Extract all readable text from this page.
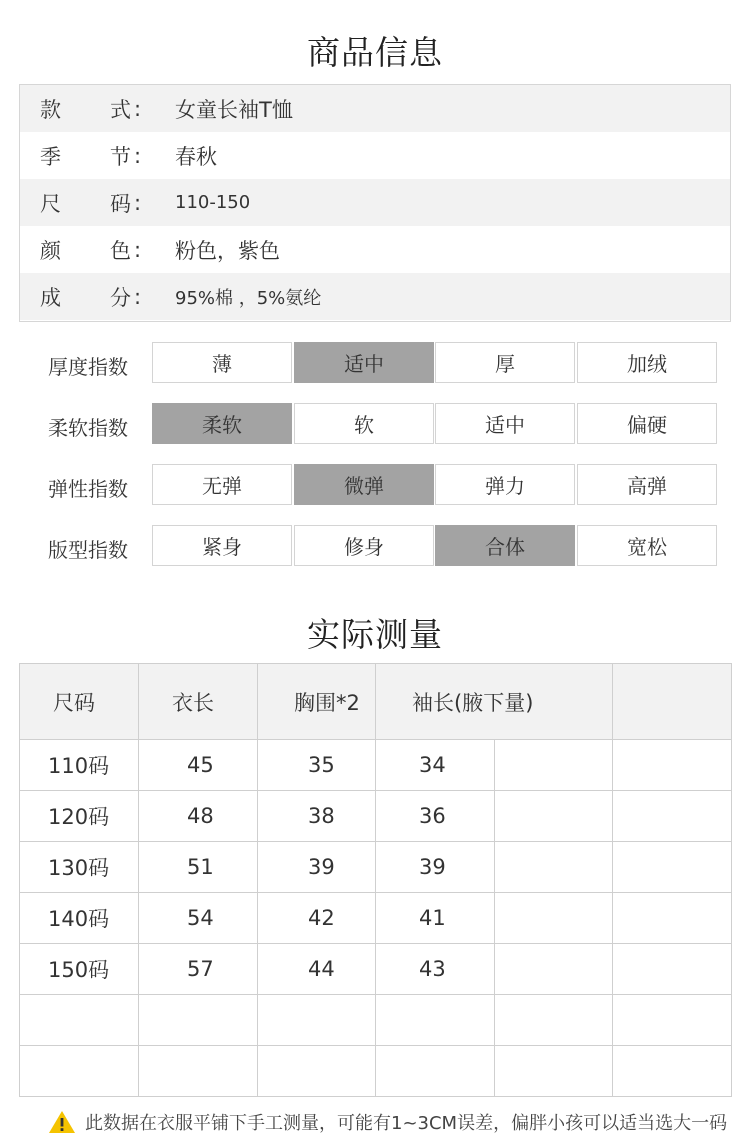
商品信息
款 式 : 女童长袖T恤
季 节 : 春秋
尺 码 : 110-150
颜 色 : 粉色，紫色
成 分 : 95%棉 ，5%氨纶
厚度指数	薄	适中	厚	加绒
柔软指数	柔软	软	适中	偏硬
弹性指数	无弹	微弹	弹力	高弹
版型指数	紧身	修身	合体	宽松
实际测量
尺码	衣长	胸围*2	袖长(腋下量)		
110码	45	35	34		
120码	48	38	36		
130码	51	39	39		
140码	54	42	41		
150码	57	44	43		

此数据在衣服平铺下手工测量，可能有1~3CM误差，偏胖小孩可以适当选大一码
